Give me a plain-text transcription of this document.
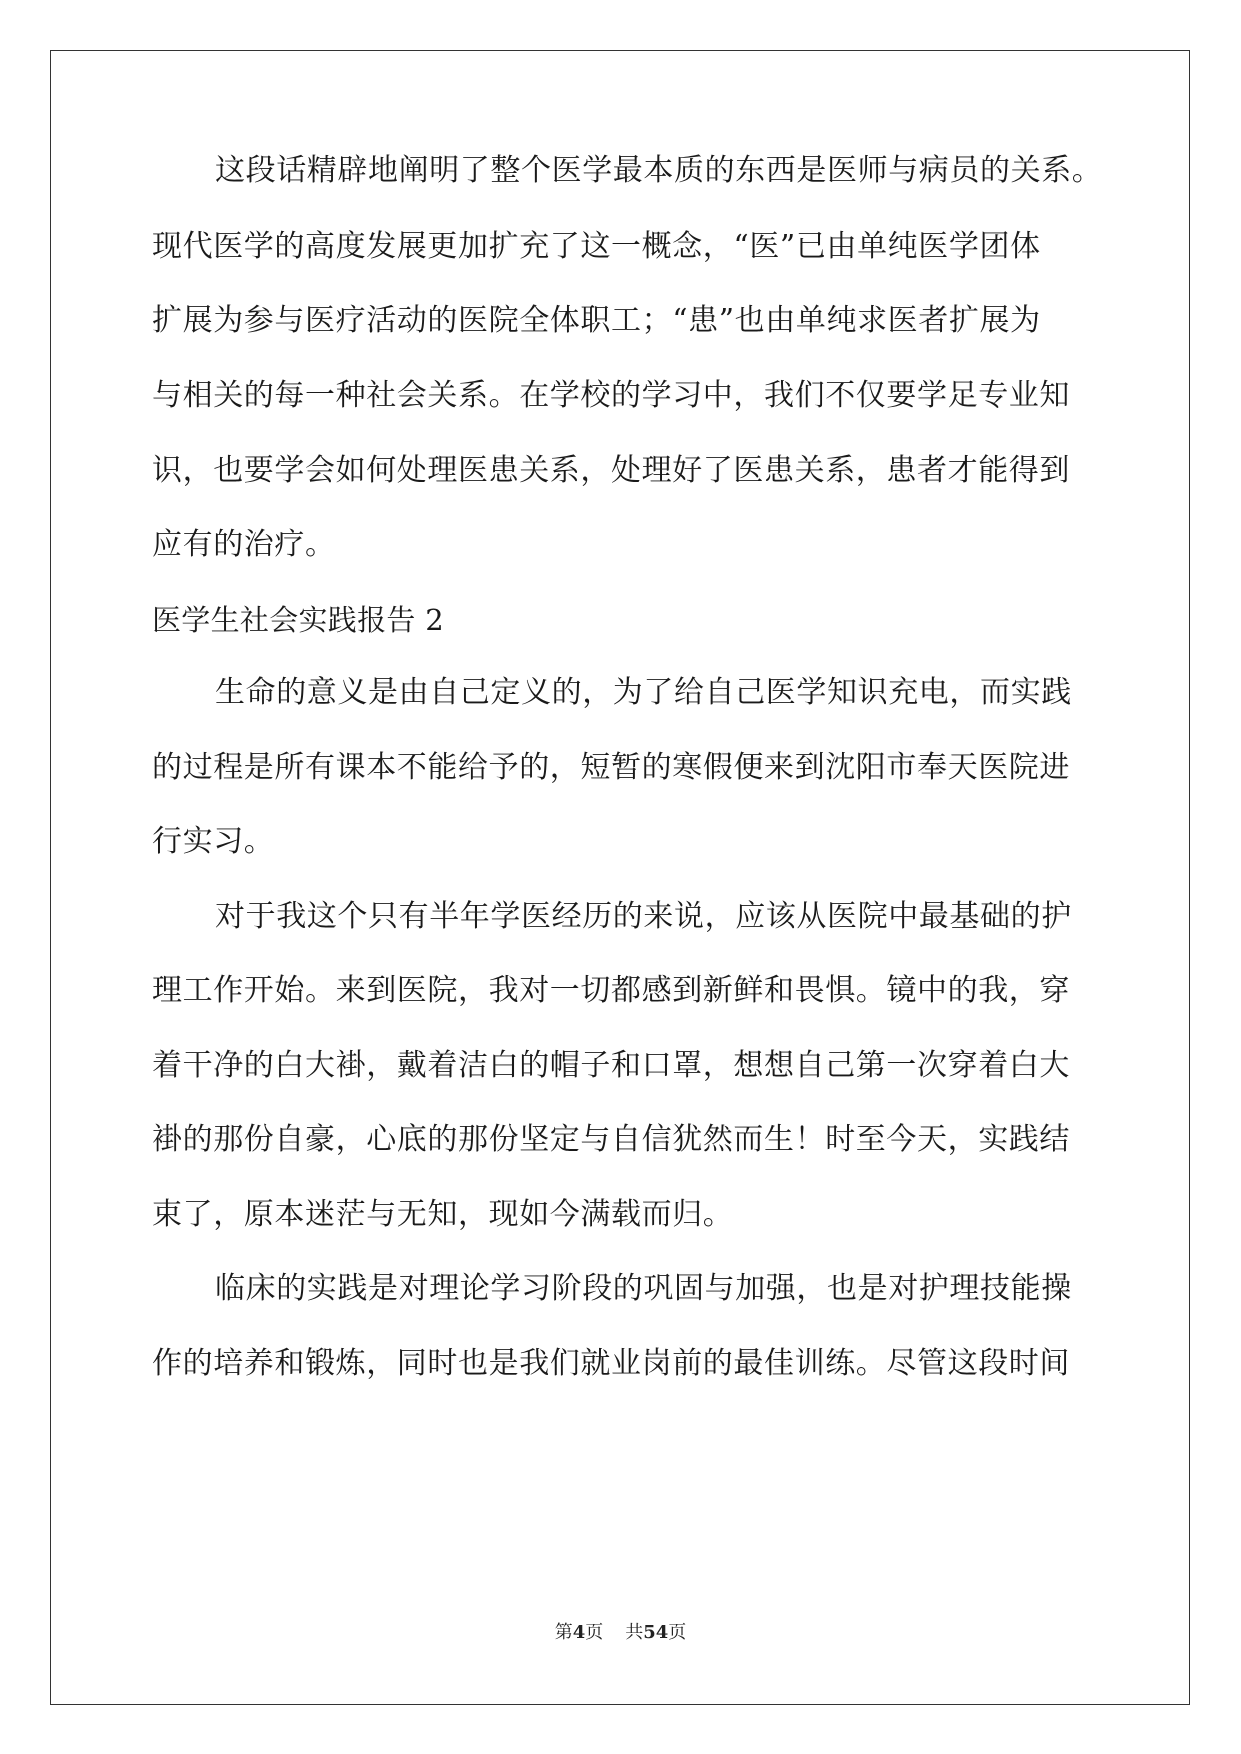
这段话精辟地阐明了整个医学最本质的东西是医师与病员的关系。
现代医学的高度发展更加扩充了这一概念，“医”已由单纯医学团体
扩展为参与医疗活动的医院全体职工；“患”也由单纯求医者扩展为
与相关的每一种社会关系。在学校的学习中，我们不仅要学足专业知
识，也要学会如何处理医患关系，处理好了医患关系，患者才能得到
应有的治疗。
医学生社会实践报告 2
生命的意义是由自己定义的，为了给自己医学知识充电，而实践
的过程是所有课本不能给予的，短暂的寒假便来到沈阳市奉天医院进
行实习。
对于我这个只有半年学医经历的来说，应该从医院中最基础的护
理工作开始。来到医院，我对一切都感到新鲜和畏惧。镜中的我，穿
着干净的白大褂，戴着洁白的帽子和口罩，想想自己第一次穿着白大
褂的那份自豪，心底的那份坚定与自信犹然而生！时至今天，实践结
束了，原本迷茫与无知，现如今满载而归。
临床的实践是对理论学习阶段的巩固与加强，也是对护理技能操
作的培养和锻炼，同时也是我们就业岗前的最佳训练。尽管这段时间
第4页 共54页
